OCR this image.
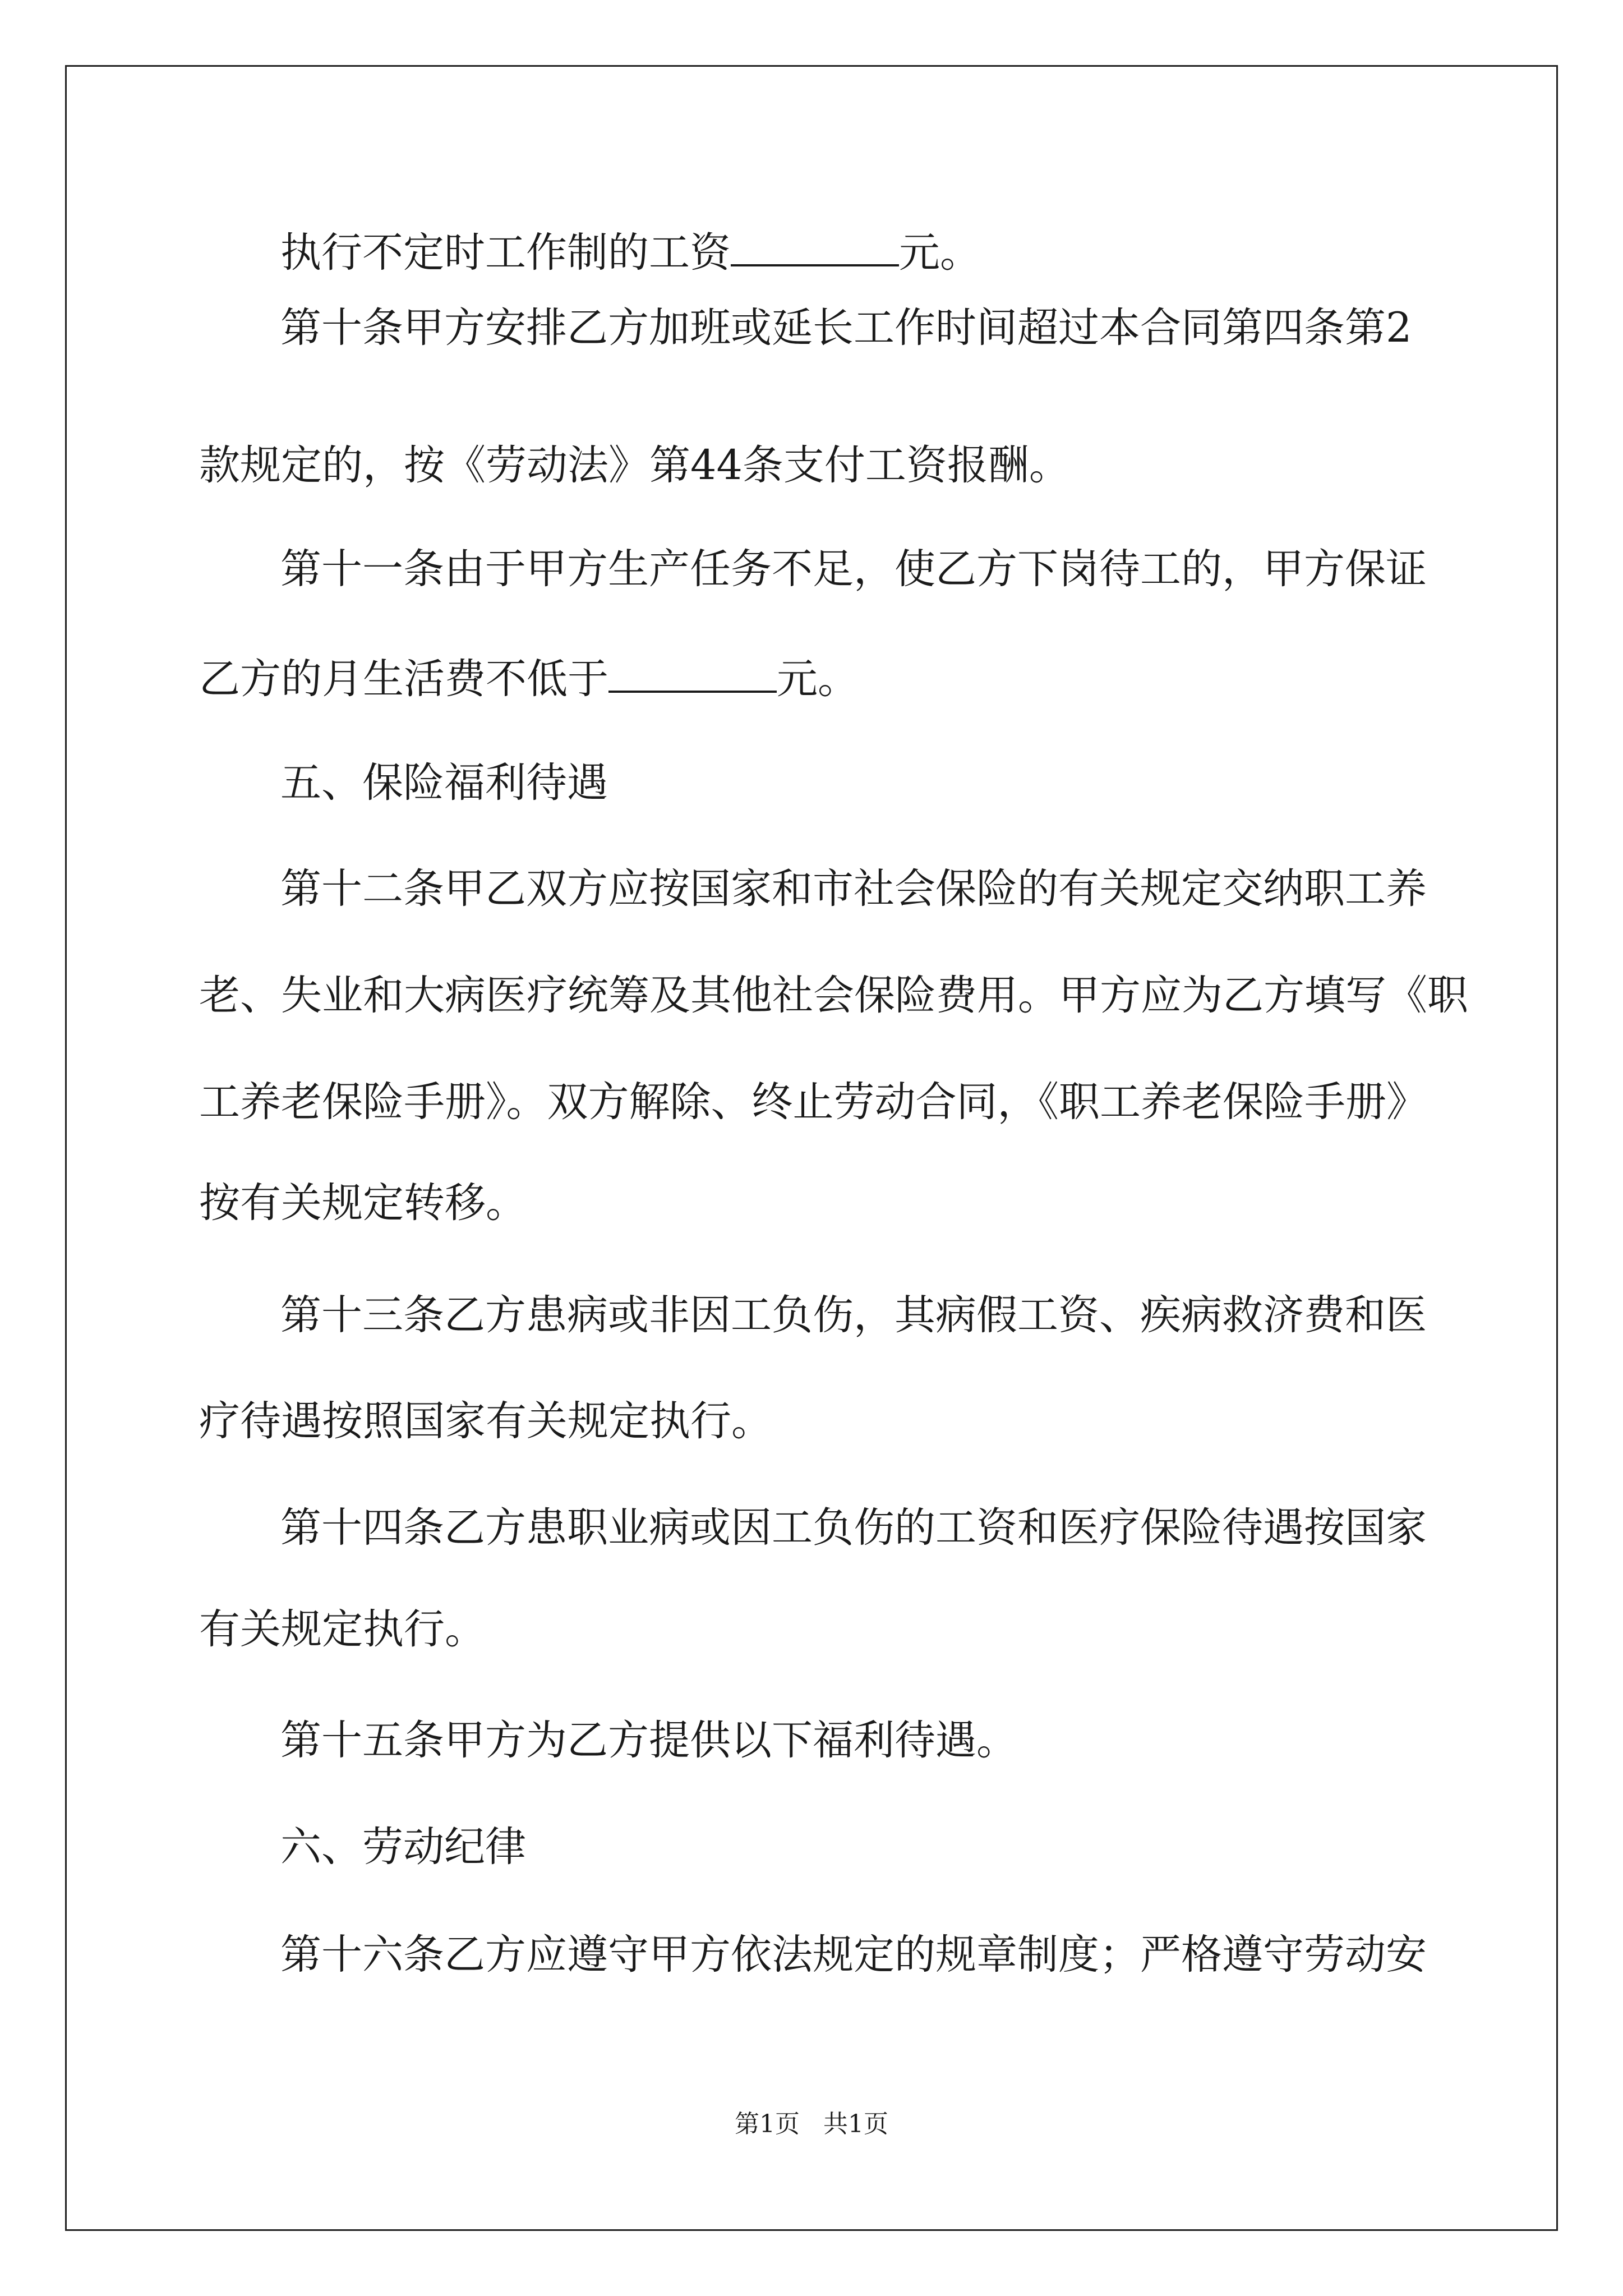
执行不定时工作制的工资	元。

第十条甲方安排乙方加班或延长工作时间超过本合同第四条第2

款规定的，按《劳动法》第44条支付工资报酬。

第十一条由于甲方生产任务不足，使乙方下岗待工的，甲方保证

乙方的月生活费不低于	元。

五、保险福利待遇

第十二条甲乙双方应按国家和市社会保险的有关规定交纳职工养

老、失业和大病医疗统筹及其他社会保险费用。甲方应为乙方填写《职

工养老保险手册》。双方解除、终止劳动合同，《职工养老保险手册》

按有关规定转移。

第十三条乙方患病或非因工负伤，其病假工资、疾病救济费和医

疗待遇按照国家有关规定执行。

第十四条乙方患职业病或因工负伤的工资和医疗保险待遇按国家

有关规定执行。

第十五条甲方为乙方提供以下福利待遇。

六、劳动纪律

第十六条乙方应遵守甲方依法规定的规章制度；严格遵守劳动安

第1页   共1页
